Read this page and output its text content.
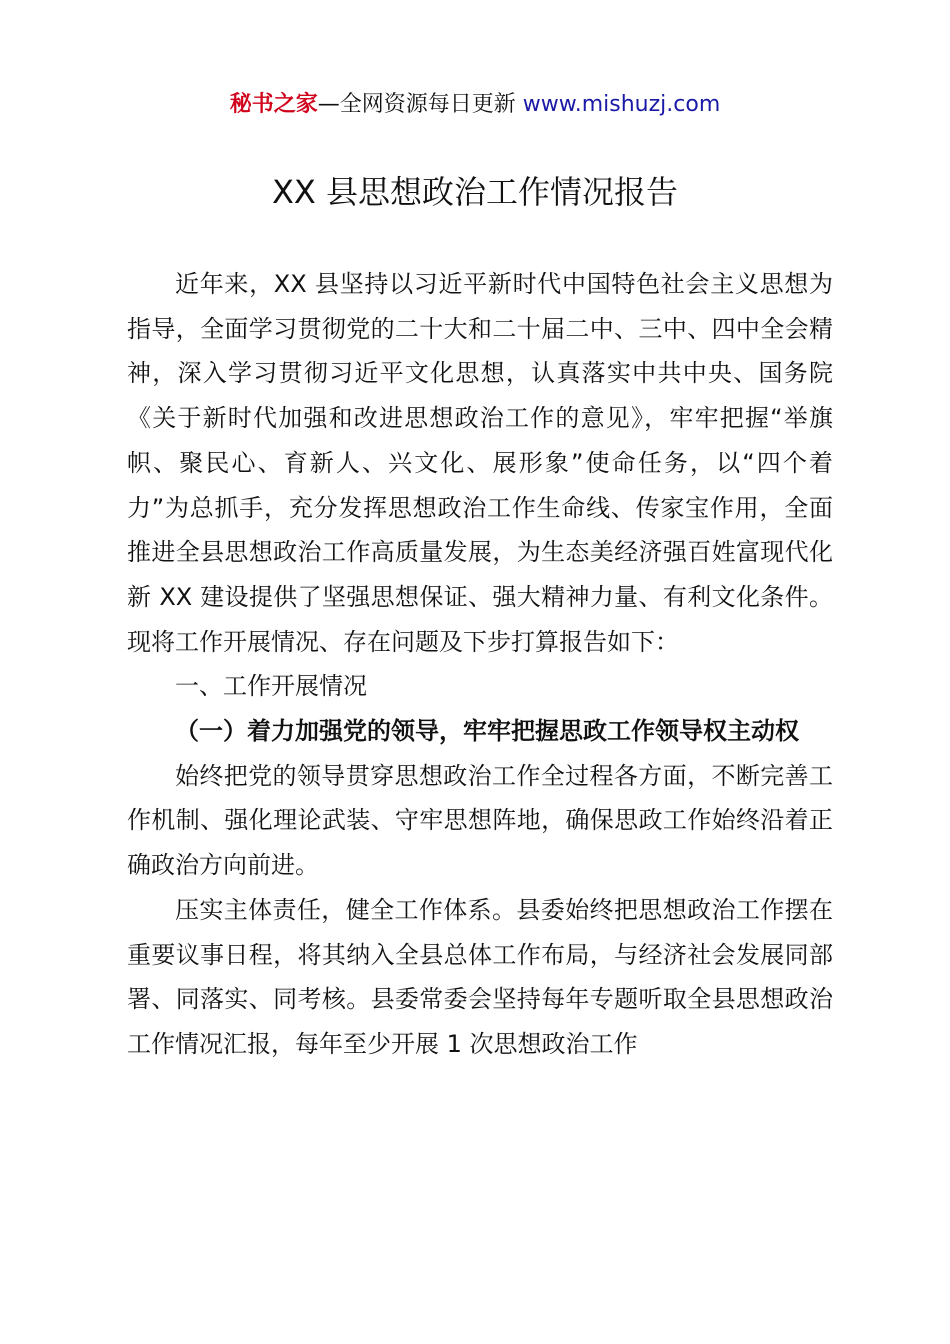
秘书之家—全网资源每日更新 www.mishuzj.com
XX 县思想政治工作情况报告

近年来，XX 县坚持以习近平新时代中国特色社会主义思想为指导，全面学习贯彻党的二十大和二十届二中、三中、四中全会精神，深入学习贯彻习近平文化思想，认真落实中共中央、国务院《关于新时代加强和改进思想政治工作的意见》，牢牢把握“举旗帜、聚民心、育新人、兴文化、展形象”使命任务，以“四个着力”为总抓手，充分发挥思想政治工作生命线、传家宝作用，全面推进全县思想政治工作高质量发展，为生态美经济强百姓富现代化新 XX 建设提供了坚强思想保证、强大精神力量、有利文化条件。现将工作开展情况、存在问题及下步打算报告如下：

一、工作开展情况

（一）着力加强党的领导，牢牢把握思政工作领导权主动权

始终把党的领导贯穿思想政治工作全过程各方面，不断完善工作机制、强化理论武装、守牢思想阵地，确保思政工作始终沿着正确政治方向前进。

压实主体责任，健全工作体系。县委始终把思想政治工作摆在重要议事日程，将其纳入全县总体工作布局，与经济社会发展同部署、同落实、同考核。县委常委会坚持每年专题听取全县思想政治工作情况汇报，每年至少开展 1 次思想政治工作
